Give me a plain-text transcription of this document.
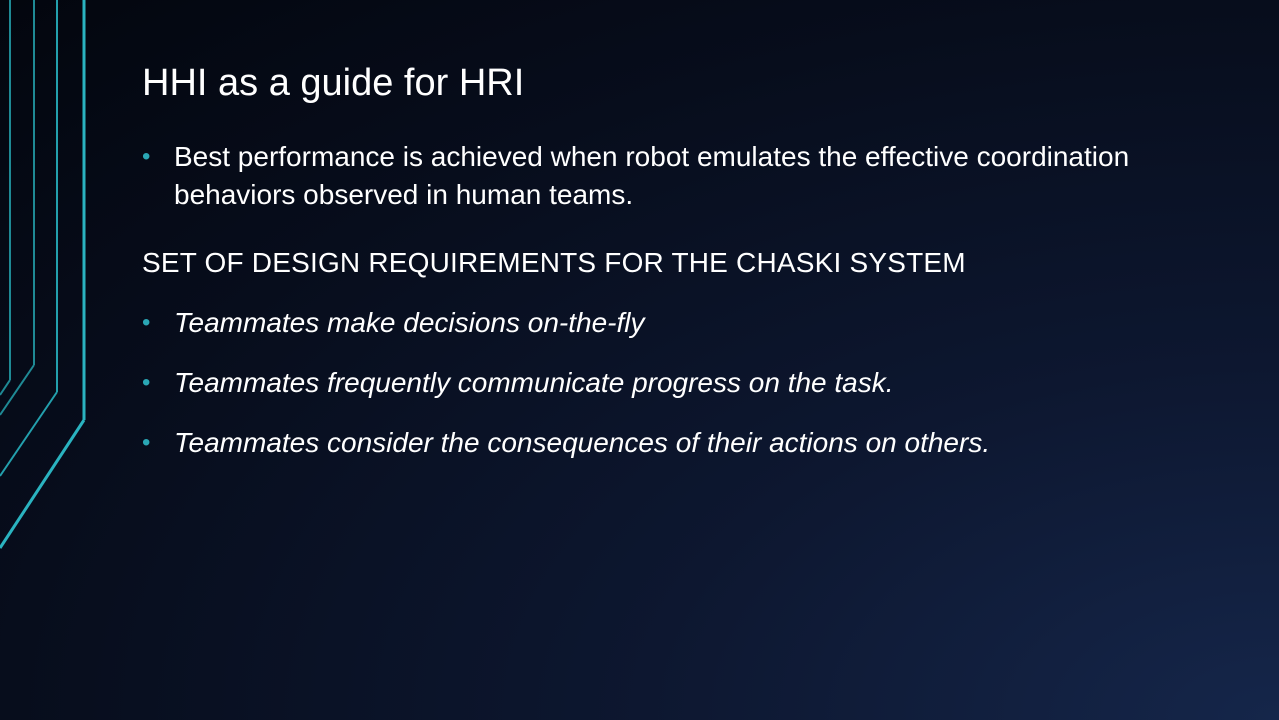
HHI as a guide for HRI
• Best performance is achieved when robot emulates the effective coordination behaviors observed in human teams.
SET OF DESIGN REQUIREMENTS FOR THE CHASKI SYSTEM
• Teammates make decisions on-the-fly
• Teammates frequently communicate progress on the task.
• Teammates consider the consequences of their actions on others.
